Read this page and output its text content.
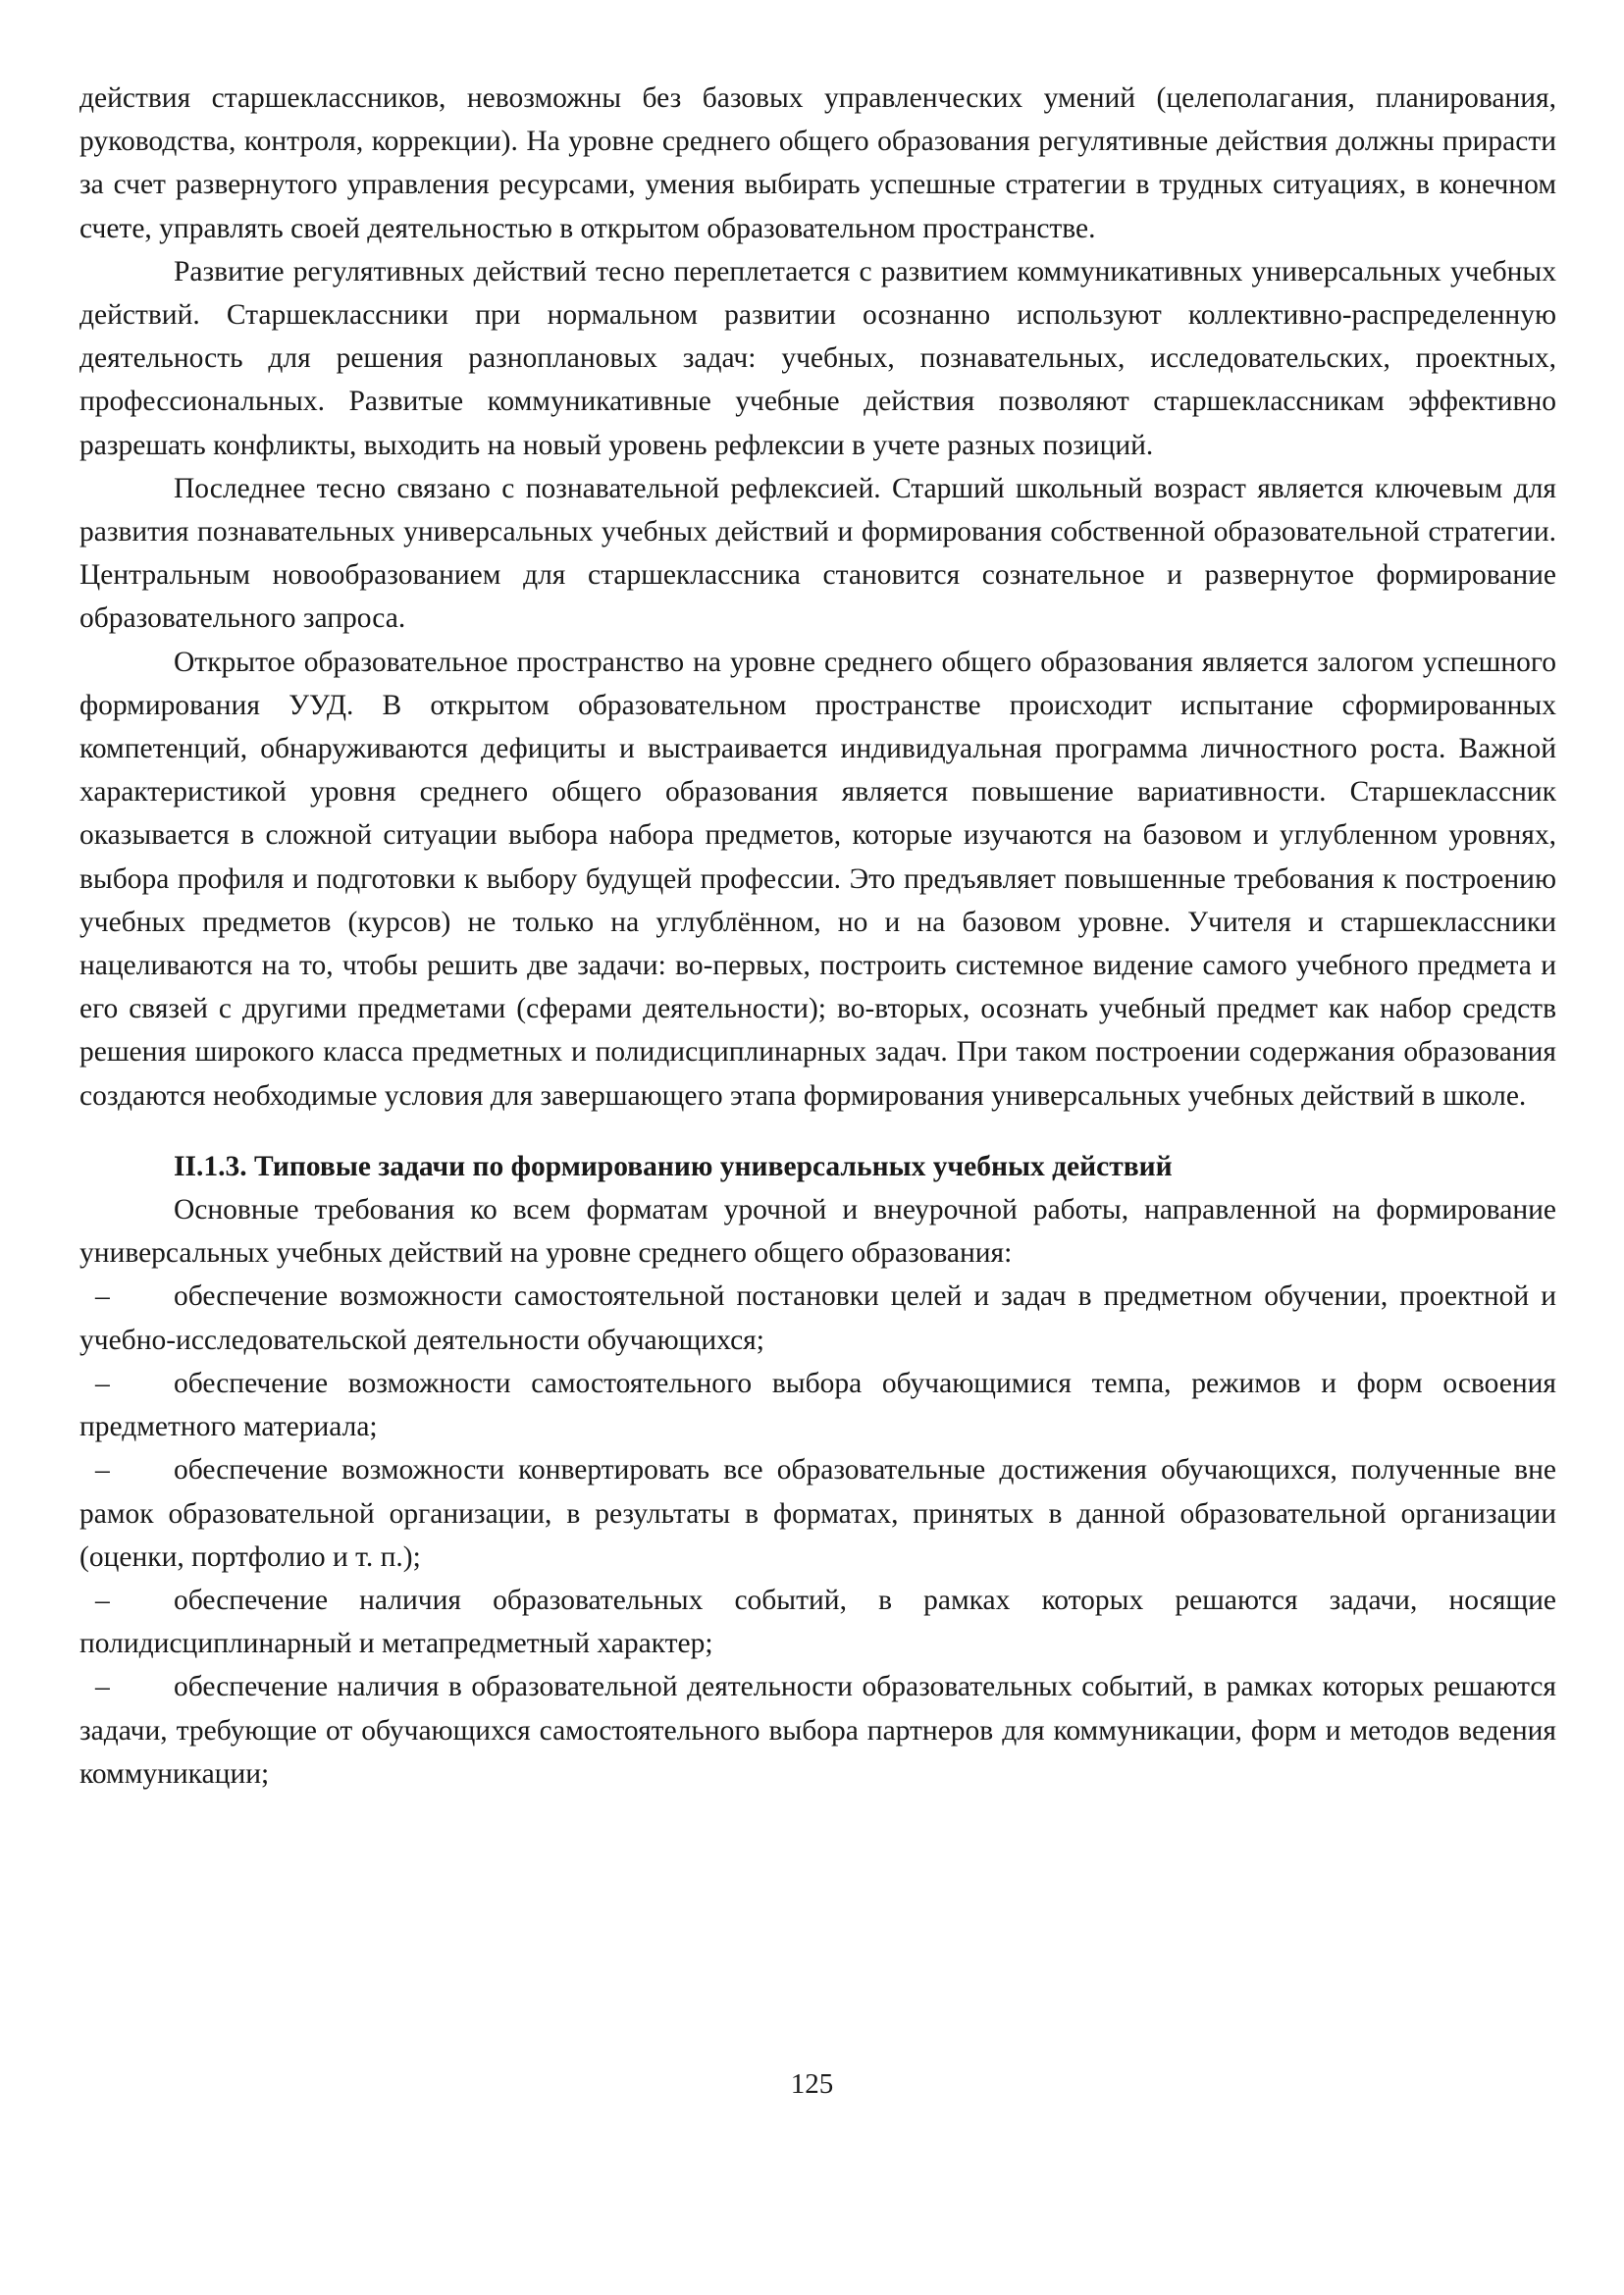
действия старшеклассников, невозможны без базовых управленческих умений (целеполагания, планирования, руководства, контроля, коррекции). На уровне среднего общего образования регулятивные действия должны прирасти за счет развернутого управления ресурсами, умения выбирать успешные стратегии в трудных ситуациях, в конечном счете, управлять своей деятельностью в открытом образовательном пространстве.

Развитие регулятивных действий тесно переплетается с развитием коммуникативных универсальных учебных действий. Старшеклассники при нормальном развитии осознанно используют коллективно-распределенную деятельность для решения разноплановых задач: учебных, познавательных, исследовательских, проектных, профессиональных. Развитые коммуникативные учебные действия позволяют старшеклассникам эффективно разрешать конфликты, выходить на новый уровень рефлексии в учете разных позиций.

Последнее тесно связано с познавательной рефлексией. Старший школьный возраст является ключевым для развития познавательных универсальных учебных действий и формирования собственной образовательной стратегии. Центральным новообразованием для старшеклассника становится сознательное и развернутое формирование образовательного запроса.

Открытое образовательное пространство на уровне среднего общего образования является залогом успешного формирования УУД. В открытом образовательном пространстве происходит испытание сформированных компетенций, обнаруживаются дефициты и выстраивается индивидуальная программа личностного роста. Важной характеристикой уровня среднего общего образования является повышение вариативности. Старшеклассник оказывается в сложной ситуации выбора набора предметов, которые изучаются на базовом и углубленном уровнях, выбора профиля и подготовки к выбору будущей профессии. Это предъявляет повышенные требования к построению учебных предметов (курсов) не только на углублённом, но и на базовом уровне. Учителя и старшеклассники нацеливаются на то, чтобы решить две задачи: во-первых, построить системное видение самого учебного предмета и его связей с другими предметами (сферами деятельности); во-вторых, осознать учебный предмет как набор средств решения широкого класса предметных и полидисциплинарных задач. При таком построении содержания образования создаются необходимые условия для завершающего этапа формирования универсальных учебных действий в школе.

II.1.3. Типовые задачи по формированию универсальных учебных действий

Основные требования ко всем форматам урочной и внеурочной работы, направленной на формирование универсальных учебных действий на уровне среднего общего образования:

– обеспечение возможности самостоятельной постановки целей и задач в предметном обучении, проектной и учебно-исследовательской деятельности обучающихся;

– обеспечение возможности самостоятельного выбора обучающимися темпа, режимов и форм освоения предметного материала;

– обеспечение возможности конвертировать все образовательные достижения обучающихся, полученные вне рамок образовательной организации, в результаты в форматах, принятых в данной образовательной организации (оценки, портфолио и т. п.);

– обеспечение наличия образовательных событий, в рамках которых решаются задачи, носящие полидисциплинарный и метапредметный характер;

– обеспечение наличия в образовательной деятельности образовательных событий, в рамках которых решаются задачи, требующие от обучающихся самостоятельного выбора партнеров для коммуникации, форм и методов ведения коммуникации;

125
